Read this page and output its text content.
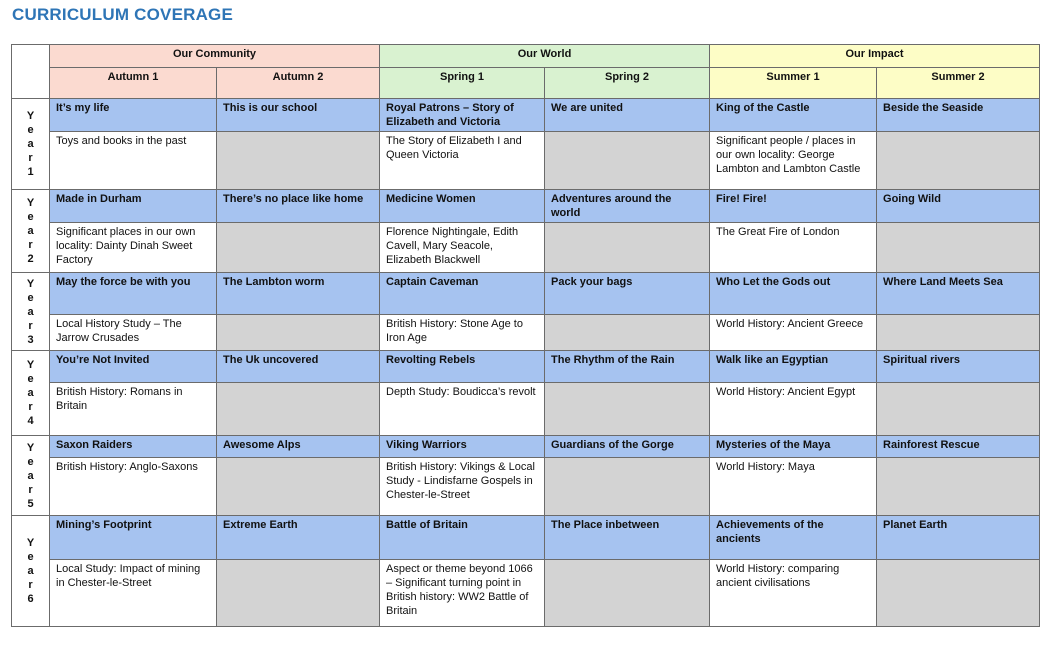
CURRICULUM COVERAGE
	Our Community		Our World		Our Impact	
	Autumn 1	Autumn 2	Spring 1	Spring 2	Summer 1	Summer 2

Year 1	It’s my life	This is our school	Royal Patrons – Story of Elizabeth and Victoria	We are united	King of the Castle	Beside the Seaside
	Toys and books in the past		The Story of Elizabeth I and Queen Victoria		Significant people / places in our own locality: George Lambton and Lambton Castle	

Year 2	Made in Durham	There’s no place like home	Medicine Women	Adventures around the world	Fire! Fire!	Going Wild
	Significant places in our own locality: Dainty Dinah Sweet Factory		Florence Nightingale, Edith Cavell, Mary Seacole, Elizabeth Blackwell		The Great Fire of London	

Year 3	May the force be with you	The Lambton worm	Captain Caveman	Pack your bags	Who Let the Gods out	Where Land Meets Sea
	Local History Study – The Jarrow Crusades		British History: Stone Age to Iron Age		World History: Ancient Greece	

Year 4	You’re Not Invited	The Uk uncovered	Revolting Rebels	The Rhythm of the Rain	Walk like an Egyptian	Spiritual rivers
	British History: Romans in Britain		Depth Study: Boudicca’s revolt		World History: Ancient Egypt	

Year 5	Saxon Raiders	Awesome Alps	Viking Warriors	Guardians of the Gorge	Mysteries of the Maya	Rainforest Rescue
	British History: Anglo-Saxons		British History: Vikings & Local Study - Lindisfarne Gospels in Chester-le-Street		World History: Maya	

Year 6	Mining’s Footprint	Extreme Earth	Battle of Britain	The Place inbetween	Achievements of the ancients	Planet Earth
	Local Study: Impact of mining in Chester-le-Street		Aspect or theme beyond 1066 – Significant turning point in British history: WW2 Battle of Britain		World History: comparing ancient civilisations	
